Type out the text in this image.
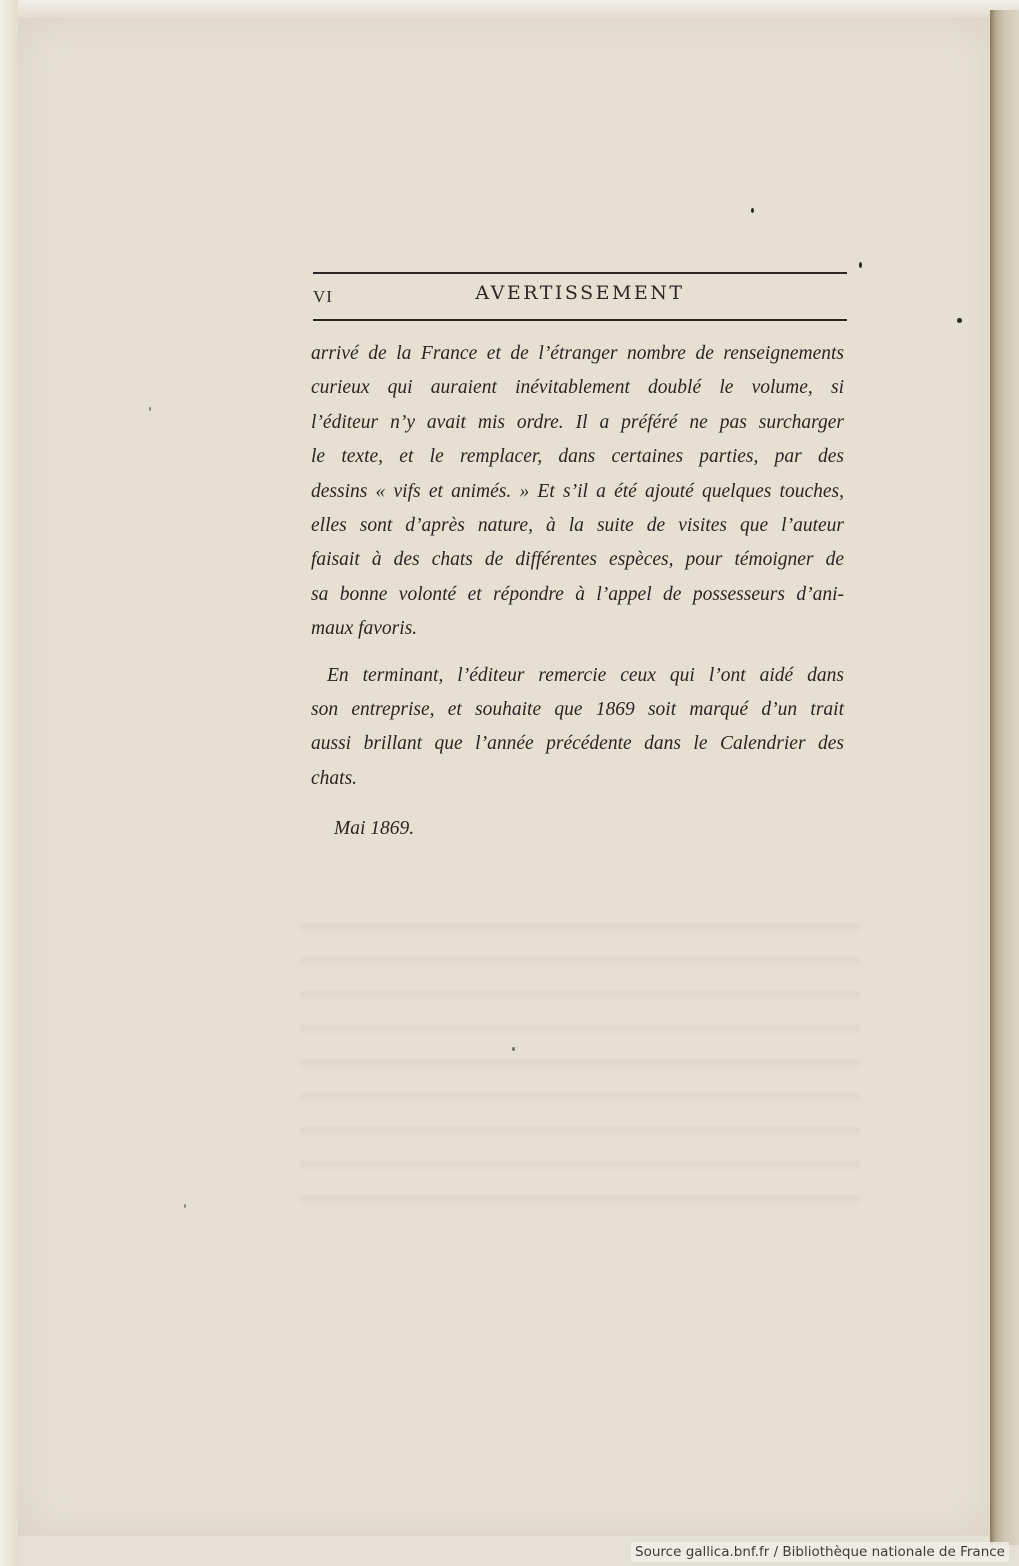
VI	AVERTISSEMENT
arrivé de la France et de l’étranger nombre de renseignements
curieux qui auraient inévitablement doublé le volume, si
l’éditeur n’y avait mis ordre. Il a préféré ne pas surcharger
le texte, et le remplacer, dans certaines parties, par des
dessins « vifs et animés. » Et s’il a été ajouté quelques touches,
elles sont d’après nature, à la suite de visites que l’auteur
faisait à des chats de différentes espèces, pour témoigner de
sa bonne volonté et répondre à l’appel de possesseurs d’ani-
maux favoris.
En terminant, l’éditeur remercie ceux qui l’ont aidé dans
son entreprise, et souhaite que 1869 soit marqué d’un trait
aussi brillant que l’année précédente dans le Calendrier des
chats.
Mai 1869.
Source gallica.bnf.fr / Bibliothèque nationale de France
